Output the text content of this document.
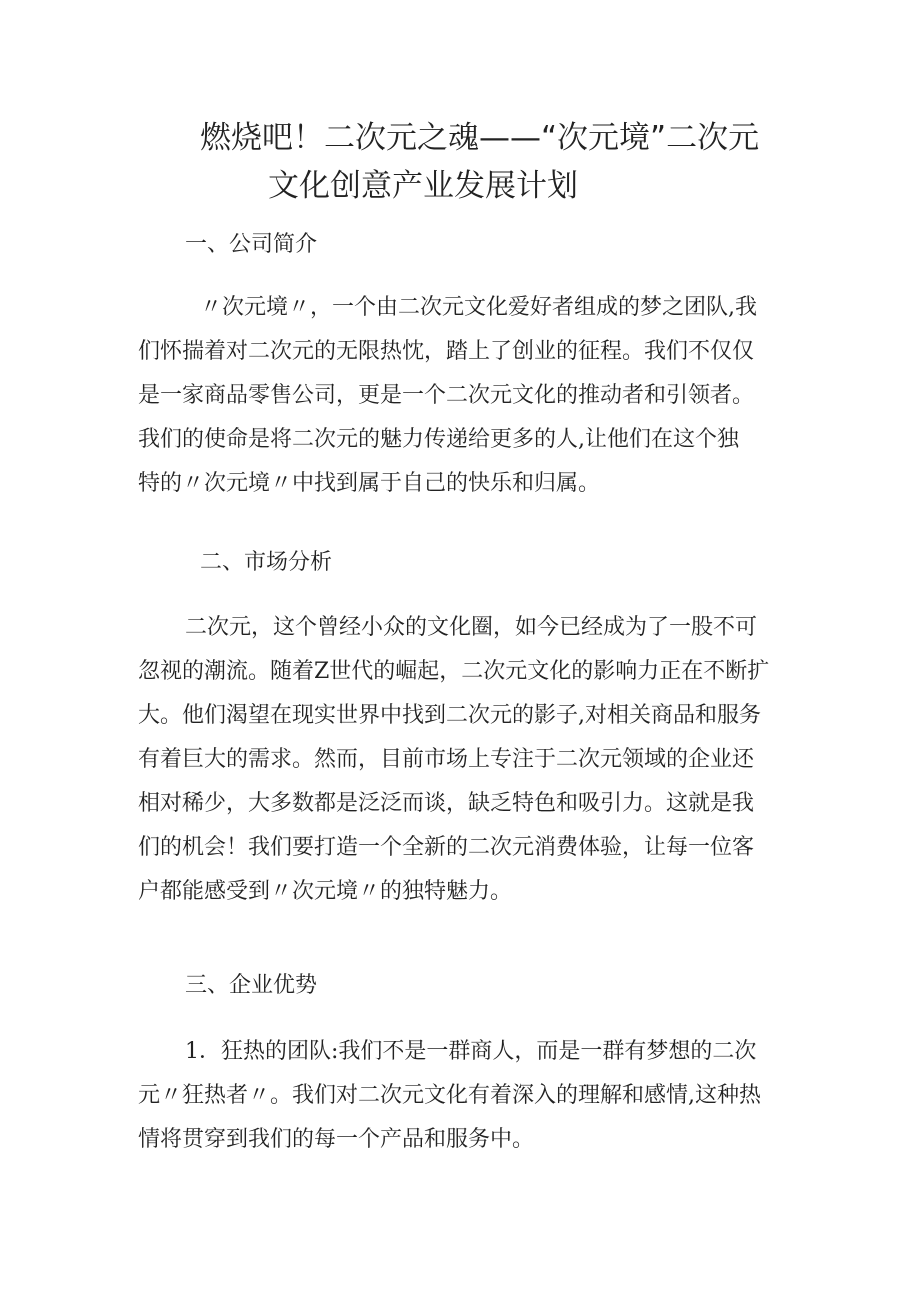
燃烧吧！二次元之魂——“次元境”二次元
文化创意产业发展计划
一、公司简介
〃次元境〃，一个由二次元文化爱好者组成的梦之团队,我
们怀揣着对二次元的无限热忱，踏上了创业的征程。我们不仅仅
是一家商品零售公司，更是一个二次元文化的推动者和引领者。
我们的使命是将二次元的魅力传递给更多的人,让他们在这个独
特的〃次元境〃中找到属于自己的快乐和归属。
二、市场分析
二次元，这个曾经小众的文化圈，如今已经成为了一股不可
忽视的潮流。随着Z世代的崛起，二次元文化的影响力正在不断扩
大。他们渴望在现实世界中找到二次元的影子,对相关商品和服务
有着巨大的需求。然而，目前市场上专注于二次元领域的企业还
相对稀少，大多数都是泛泛而谈，缺乏特色和吸引力。这就是我
们的机会！我们要打造一个全新的二次元消费体验，让每一位客
户都能感受到〃次元境〃的独特魅力。
三、企业优势
1．狂热的团队:我们不是一群商人，而是一群有梦想的二次
元〃狂热者〃。我们对二次元文化有着深入的理解和感情,这种热
情将贯穿到我们的每一个产品和服务中。
